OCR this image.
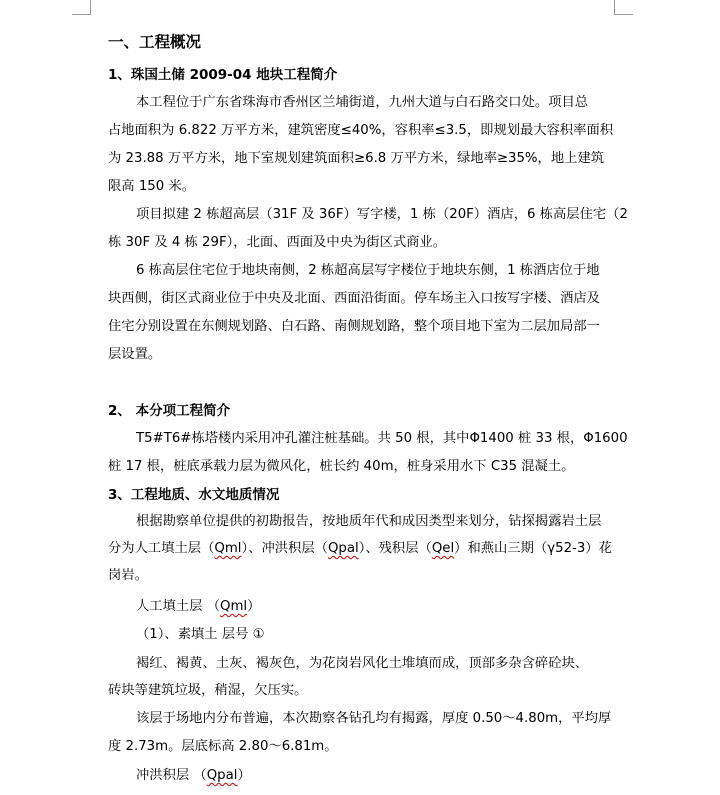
一、工程概况
1、珠国土储 2009-04 地块工程简介
本工程位于广东省珠海市香州区兰埔街道，九州大道与白石路交口处。项目总
占地面积为 6.822 万平方米，建筑密度≤40%，容积率≤3.5，即规划最大容积率面积
为 23.88 万平方米，地下室规划建筑面积≥6.8 万平方米，绿地率≥35%，地上建筑
限高 150 米。
项目拟建 2 栋超高层（31F 及 36F）写字楼，1 栋（20F）酒店，6 栋高层住宅（2
栋 30F 及 4 栋 29F），北面、西面及中央为街区式商业。
6 栋高层住宅位于地块南侧，2 栋超高层写字楼位于地块东侧，1 栋酒店位于地
块西侧，街区式商业位于中央及北面、西面沿街面。停车场主入口按写字楼、酒店及
住宅分别设置在东侧规划路、白石路、南侧规划路，整个项目地下室为二层加局部一
层设置。
2、 本分项工程简介
T5#T6#栋塔楼内采用冲孔灌注桩基础。共 50 根，其中Φ1400 桩 33 根，Φ1600
桩 17 根，桩底承载力层为微风化，桩长约 40m，桩身采用水下 C35 混凝土。
3、工程地质、水文地质情况
根据勘察单位提供的初勘报告，按地质年代和成因类型来划分，钻探揭露岩土层
分为人工填土层（Qml）、冲洪积层（Qpal）、残积层（Qel）和燕山三期（γ52-3）花
岗岩。
人工填土层 （Qml）
（1）、素填土 层号 ①
褐红、褐黄、土灰、褐灰色，为花岗岩风化土堆填而成，顶部多杂含碎砼块、
砖块等建筑垃圾，稍湿，欠压实。
该层于场地内分布普遍，本次勘察各钻孔均有揭露，厚度 0.50～4.80m，平均厚
度 2.73m。层底标高 2.80～6.81m。
冲洪积层 （Qpal）
